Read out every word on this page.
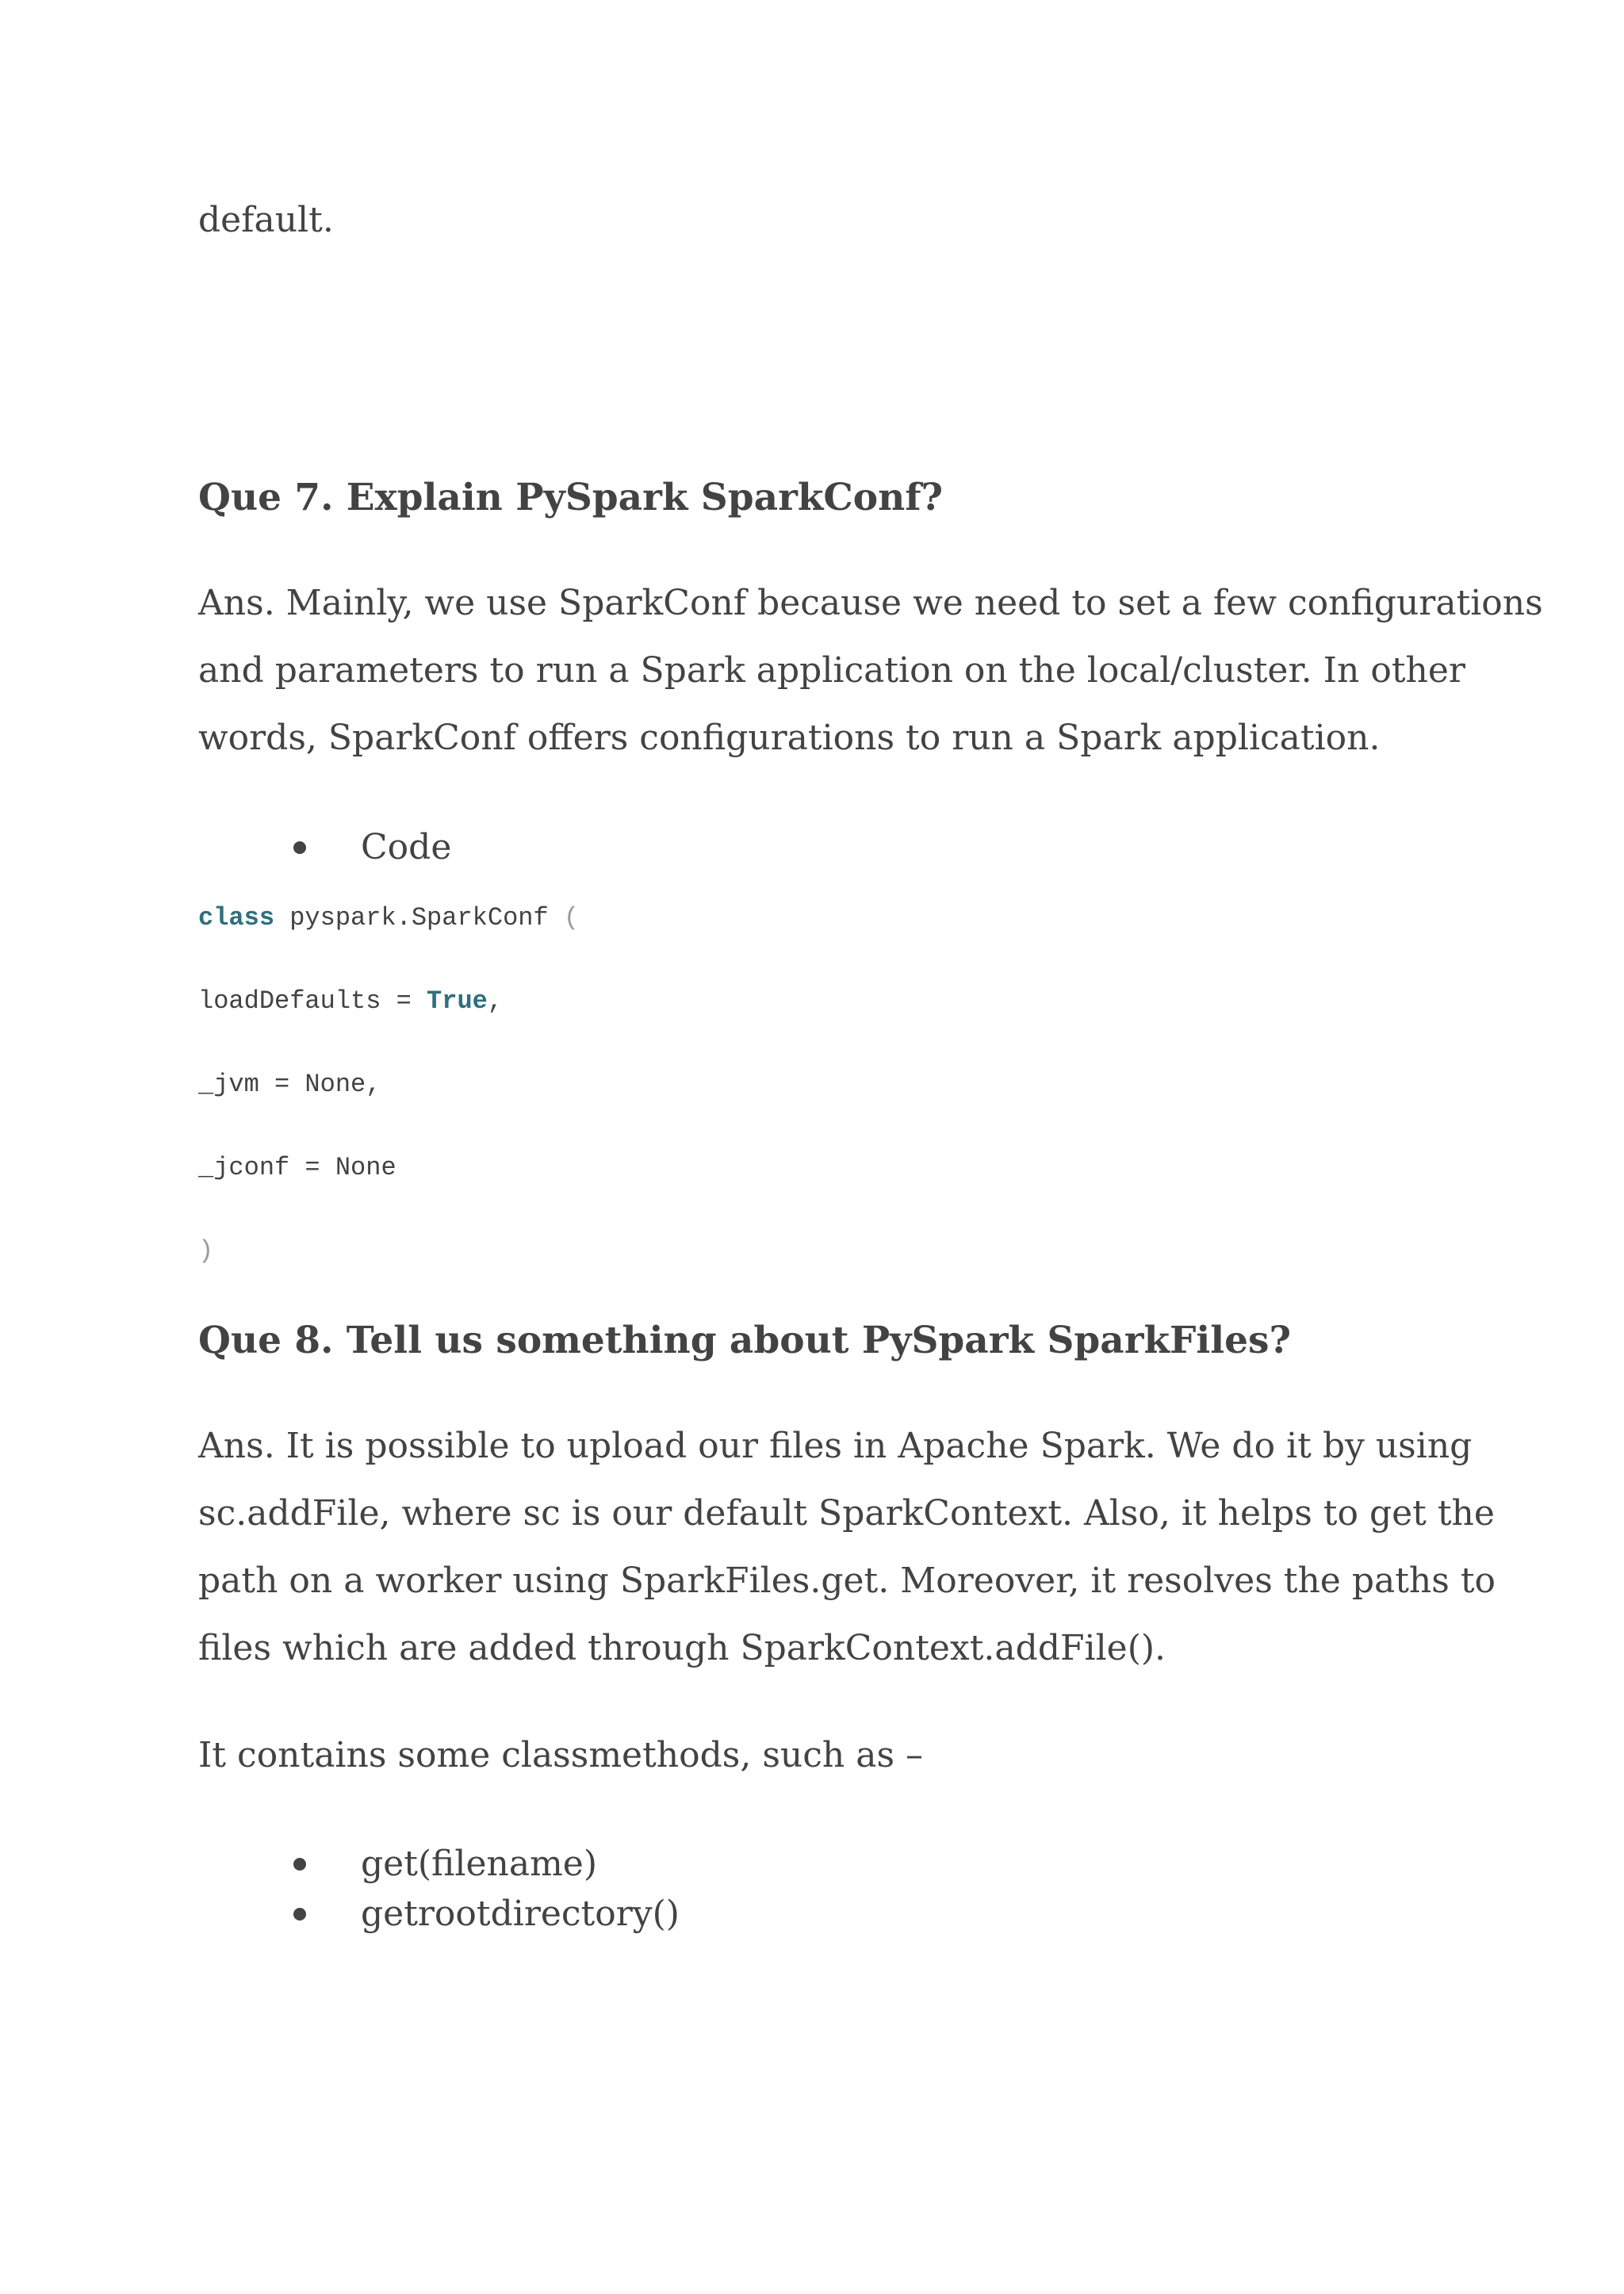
default.
Que 7. Explain PySpark SparkConf?
Ans. Mainly, we use SparkConf because we need to set a few configurations
and parameters to run a Spark application on the local/cluster. In other
words, SparkConf offers configurations to run a Spark application.
Code
class pyspark.SparkConf (
loadDefaults = True,
_jvm = None,
_jconf = None
)
Que 8. Tell us something about PySpark SparkFiles?
Ans. It is possible to upload our files in Apache Spark. We do it by using
sc.addFile, where sc is our default SparkContext. Also, it helps to get the
path on a worker using SparkFiles.get. Moreover, it resolves the paths to
files which are added through SparkContext.addFile().
It contains some classmethods, such as –
get(filename)
getrootdirectory()
